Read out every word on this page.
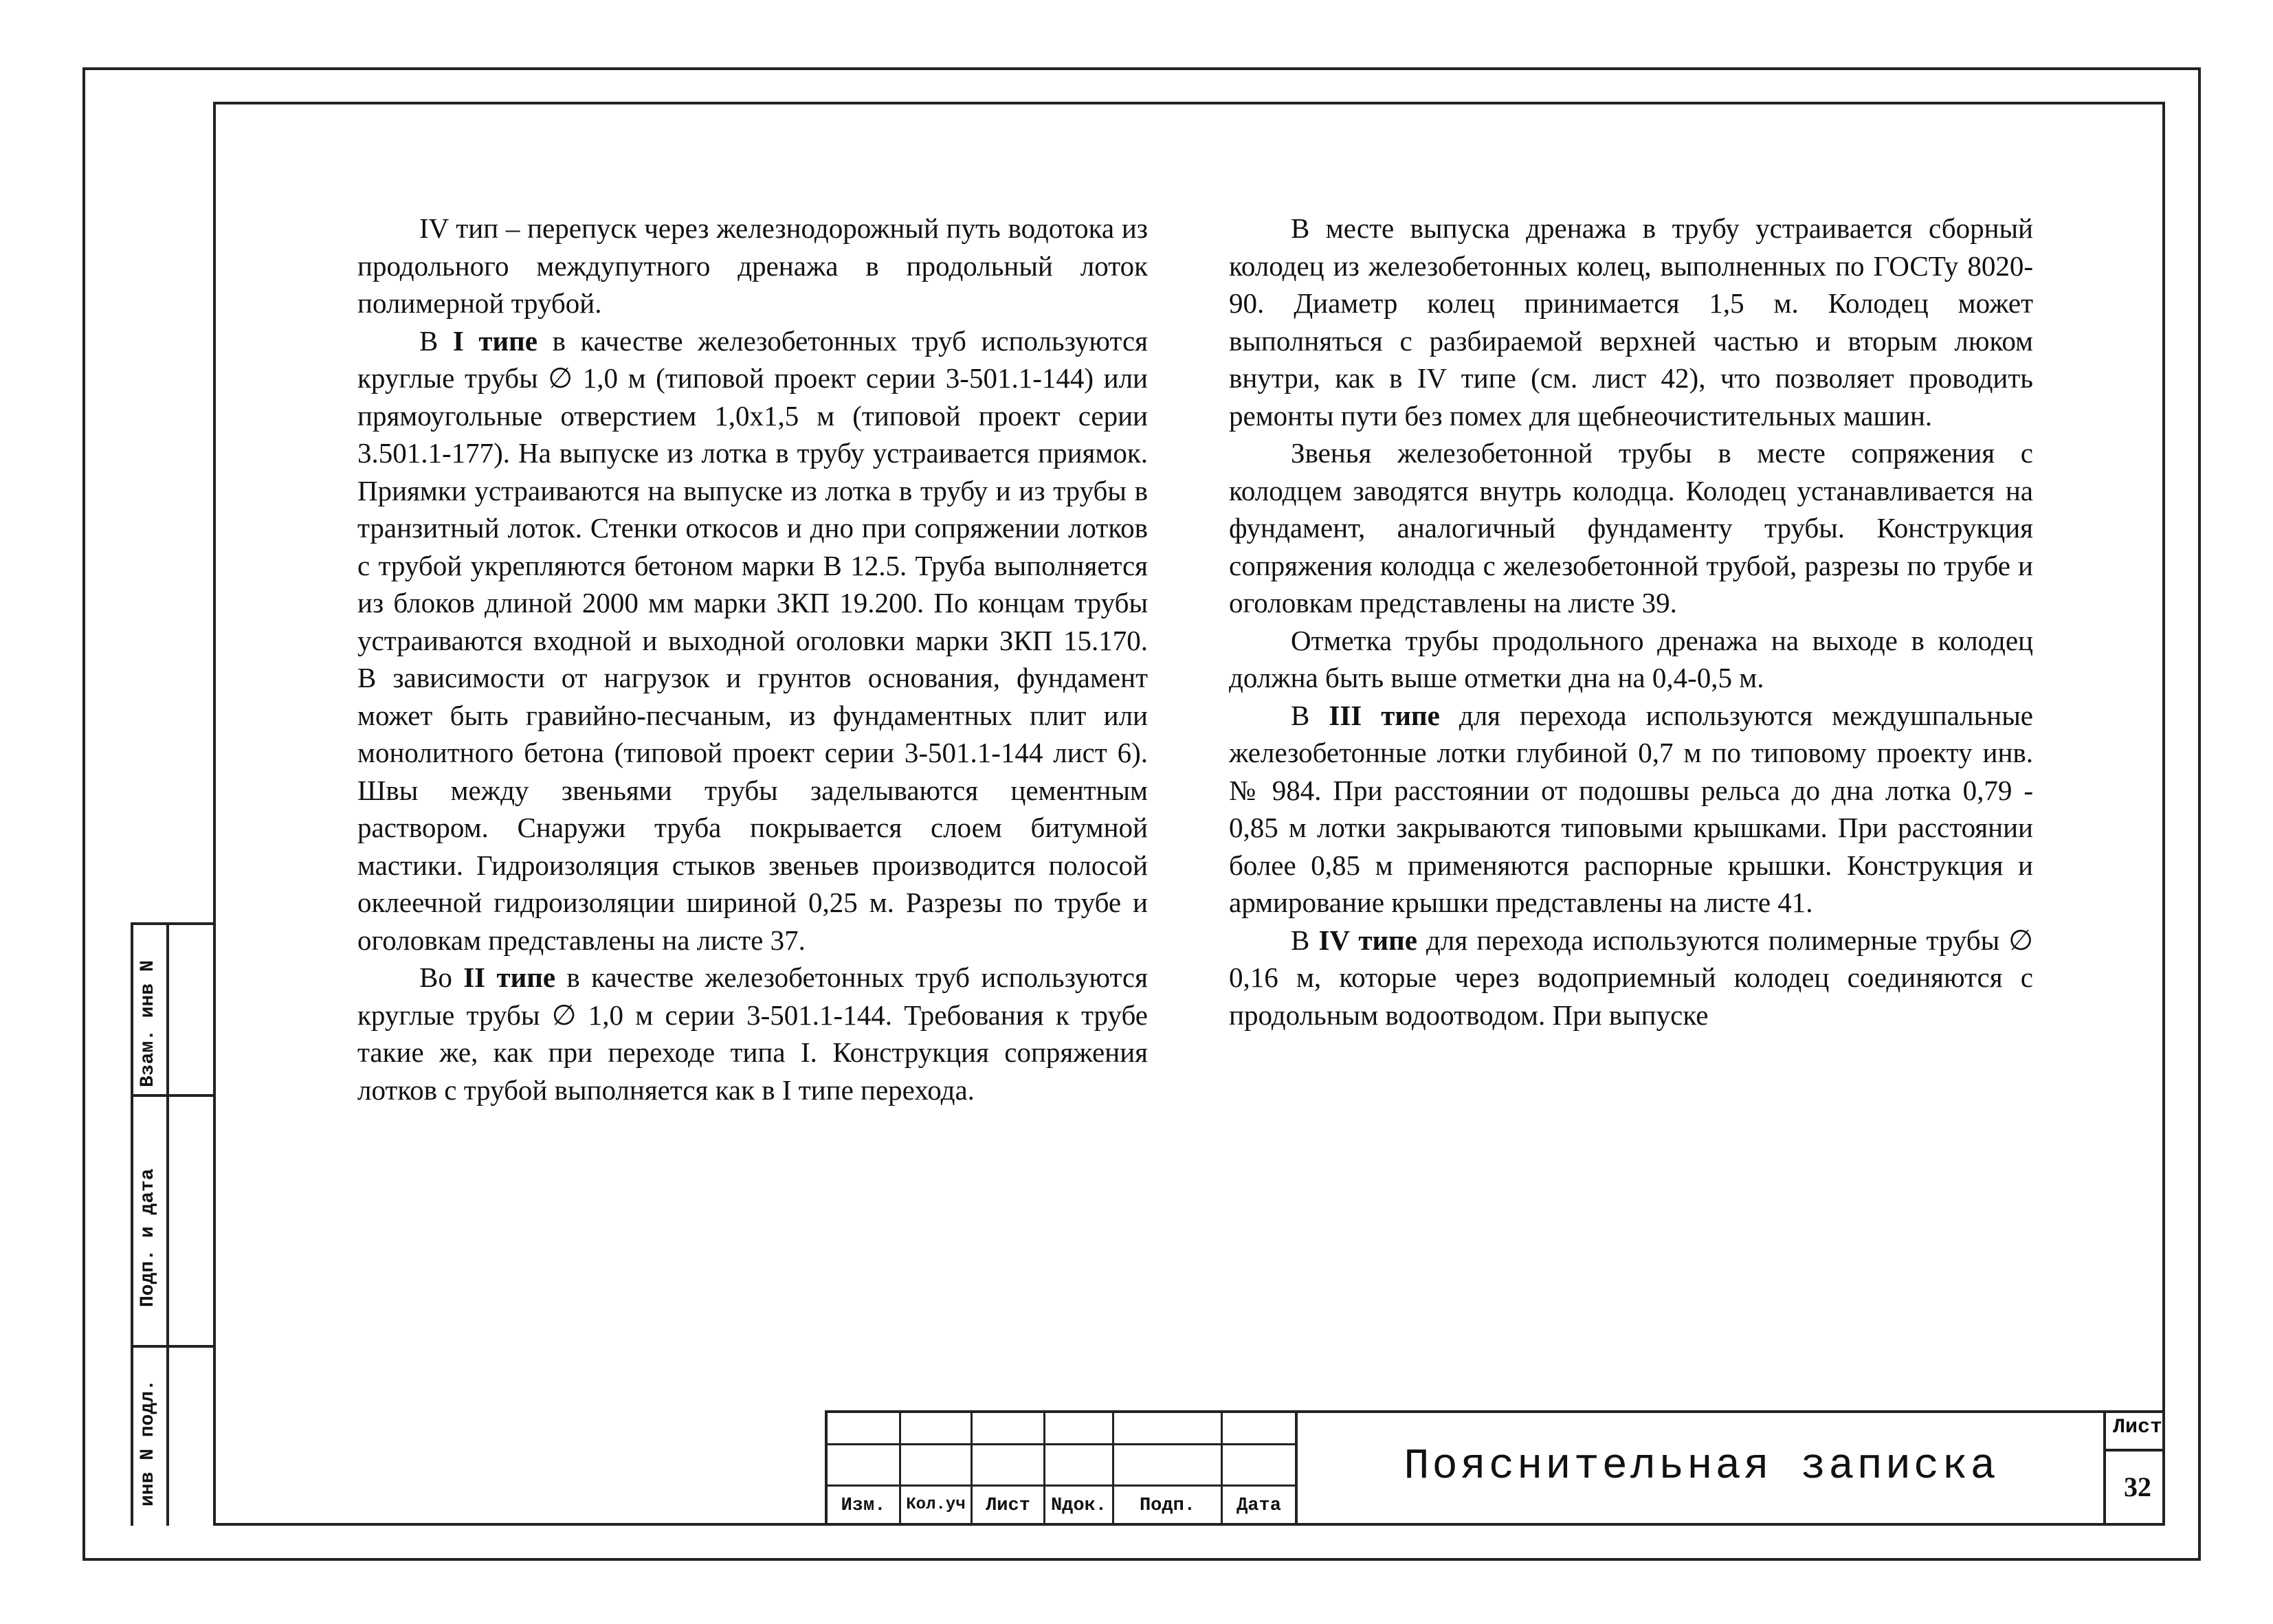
IV тип – перепуск через железнодорожный путь водотока из продольного междупутного дренажа в продольный лоток полимерной трубой.

В I типе в качестве железобетонных труб используются круглые трубы ∅ 1,0 м (типовой проект серии 3-501.1-144) или прямоугольные отверстием 1,0х1,5 м (типовой проект серии 3.501.1-177). На выпуске из лотка в трубу устраивается приямок. Приямки устраиваются на выпуске из лотка в трубу и из трубы в транзитный лоток. Стенки откосов и дно при сопряжении лотков с трубой укрепляются бетоном марки В 12.5. Труба выполняется из блоков длиной 2000 мм марки ЗКП 19.200. По концам трубы устраиваются входной и выходной оголовки марки ЗКП 15.170. В зависимости от нагрузок и грунтов основания, фундамент может быть гравийно-песчаным, из фундаментных плит или монолитного бетона (типовой проект серии 3-501.1-144 лист 6). Швы между звеньями трубы заделываются цементным раствором. Снаружи труба покрывается слоем битумной мастики. Гидроизоляция стыков звеньев производится полосой оклеечной гидроизоляции шириной 0,25 м. Разрезы по трубе и оголовкам представлены на листе 37.

Во II типе в качестве железобетонных труб используются круглые трубы ∅ 1,0 м серии 3-501.1-144. Требования к трубе такие же, как при переходе типа I. Конструкция сопряжения лотков с трубой выполняется как в I типе перехода.

В месте выпуска дренажа в трубу устраивается сборный колодец из железобетонных колец, выполненных по ГОСТу 8020-90. Диаметр колец принимается 1,5 м. Колодец может выполняться с разбираемой верхней частью и вторым люком внутри, как в IV типе (см. лист 42), что позволяет проводить ремонты пути без помех для щебнеочистительных машин.

Звенья железобетонной трубы в месте сопряжения с колодцем заводятся внутрь колодца. Колодец устанавливается на фундамент, аналогичный фундаменту трубы. Конструкция сопряжения колодца с железобетонной трубой, разрезы по трубе и оголовкам представлены на листе 39.

Отметка трубы продольного дренажа на выходе в колодец должна быть выше отметки дна на 0,4-0,5 м.

В III типе для перехода используются междушпальные железобетонные лотки глубиной 0,7 м по типовому проекту инв. № 984. При расстоянии от подошвы рельса до дна лотка 0,79 - 0,85 м лотки закрываются типовыми крышками. При расстоянии более 0,85 м применяются распорные крышки. Конструкция и армирование крышки представлены на листе 41.

В IV типе для перехода используются полимерные трубы ∅ 0,16 м, которые через водоприемный колодец соединяются с продольным водоотводом. При выпуске

Взам. инв N
Подп. и дата
инв N подл.	Изм.	Кол.уч	Лист	Nдок.	Подп.	Дата
Пояснительная записка
Лист
32
